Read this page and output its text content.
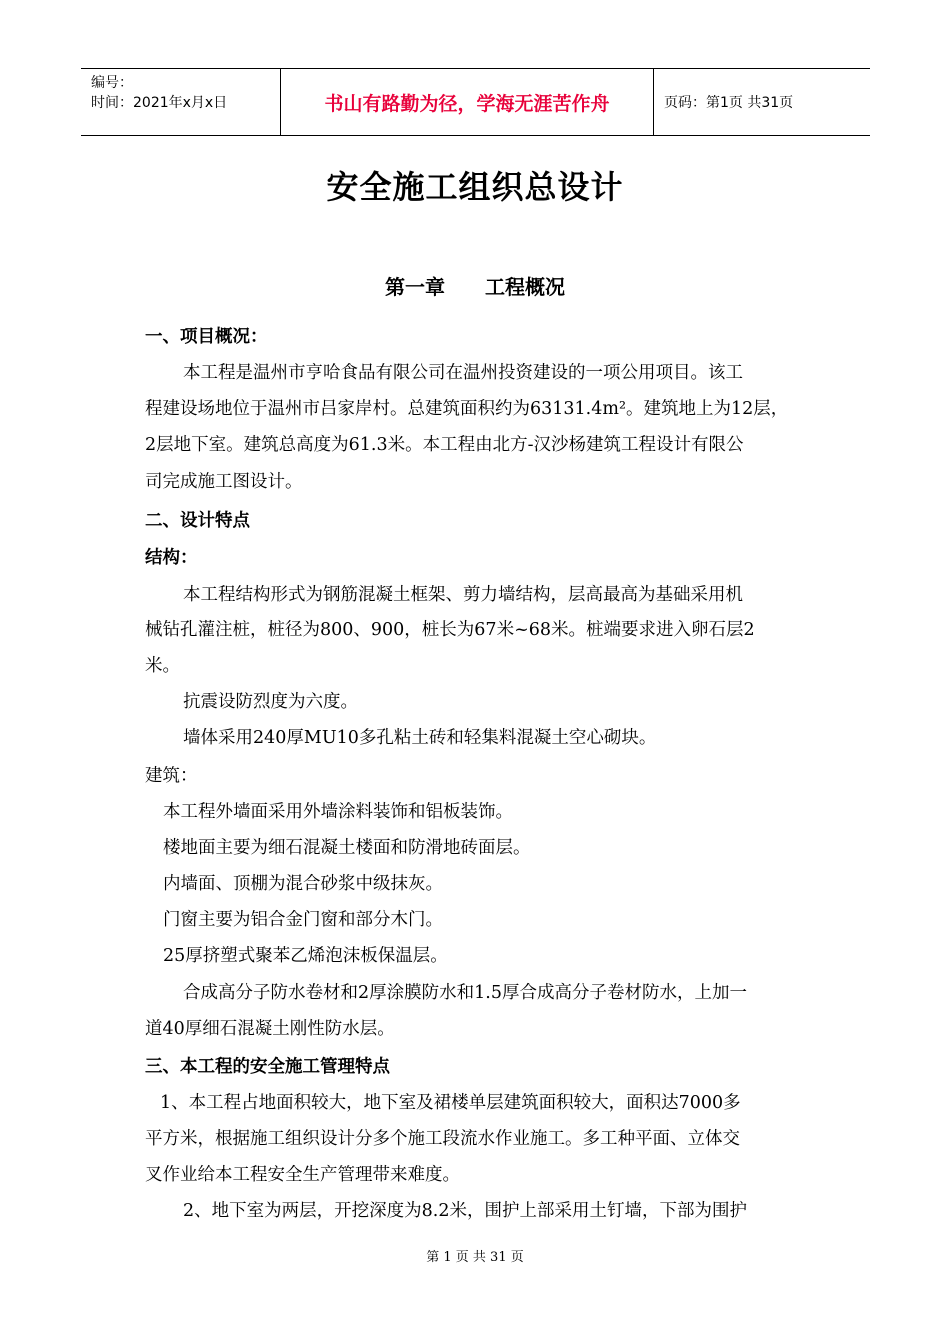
编号：
时间：2021年x月x日	书山有路勤为径，学海无涯苦作舟	页码：第1页 共31页
安全施工组织总设计
第一章 工程概况
一、项目概况：
本工程是温州市亨哈食品有限公司在温州投资建设的一项公用项目。该工
程建设场地位于温州市吕家岸村。总建筑面积约为63131.4m²。建筑地上为12层，
2层地下室。建筑总高度为61.3米。本工程由北方-汉沙杨建筑工程设计有限公
司完成施工图设计。
二、设计特点
结构：
本工程结构形式为钢筋混凝土框架、剪力墙结构，层高最高为基础采用机
械钻孔灌注桩，桩径为800、900，桩长为67米~68米。桩端要求进入卵石层2
米。
抗震设防烈度为六度。
墙体采用240厚MU10多孔粘土砖和轻集料混凝土空心砌块。
建筑：
本工程外墙面采用外墙涂料装饰和铝板装饰。
楼地面主要为细石混凝土楼面和防滑地砖面层。
内墙面、顶棚为混合砂浆中级抹灰。
门窗主要为铝合金门窗和部分木门。
25厚挤塑式聚苯乙烯泡沫板保温层。
合成高分子防水卷材和2厚涂膜防水和1.5厚合成高分子卷材防水，上加一
道40厚细石混凝土刚性防水层。
三、本工程的安全施工管理特点
1、本工程占地面积较大，地下室及裙楼单层建筑面积较大，面积达7000多
平方米，根据施工组织设计分多个施工段流水作业施工。多工种平面、立体交
叉作业给本工程安全生产管理带来难度。
2、地下室为两层，开挖深度为8.2米，围护上部采用土钉墙，下部为围护
第 1 页 共 31 页
